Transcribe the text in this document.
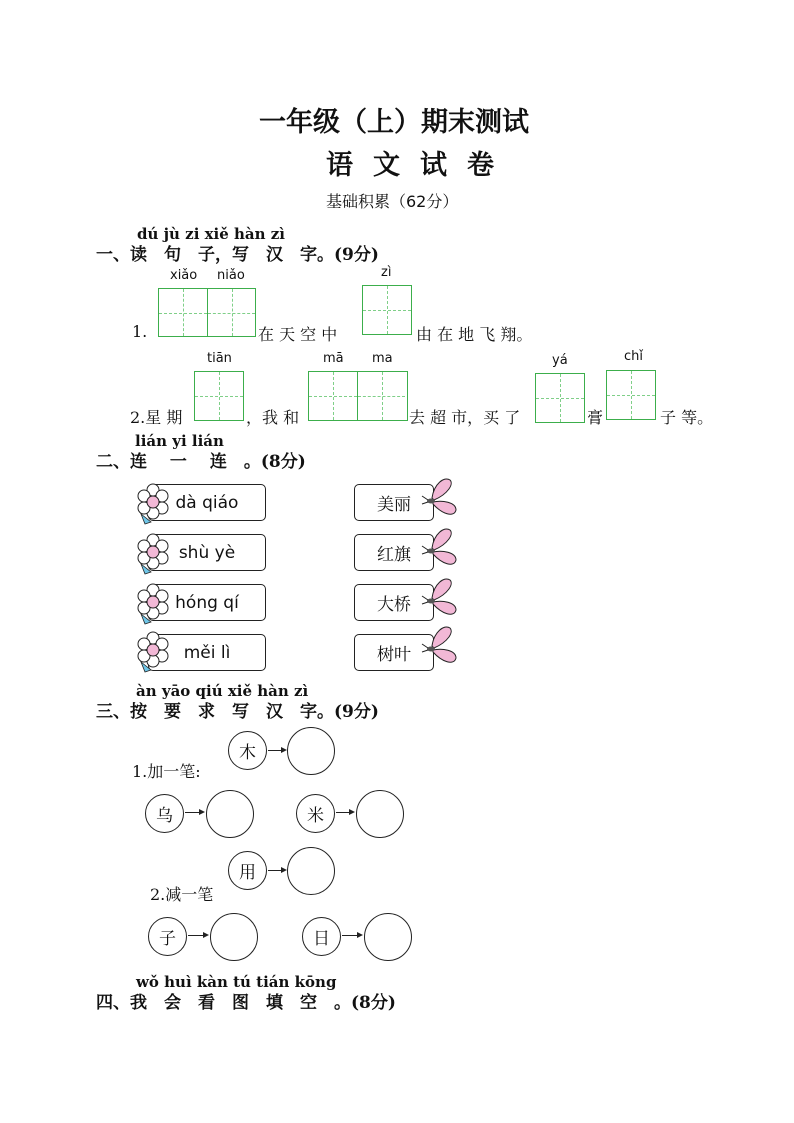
一年级（上）期末测试
语文试卷
基础积累（62分）
dú jù zi xiě hàn zì
一、读　句　子，写　汉　字。(9分)
xiǎo niǎo	zì
1.	在 天 空 中	由 在 地 飞 翔。
tiān	mā ma	yá	chǐ
2.星 期	，我 和	去 超 市，买 了	膏	子 等。
lián yi lián
二、连　 一　 连　。(8分)
dà qiáo
shù yè
hóng qí
měi lì
美丽
红旗
大桥
树叶
àn yāo qiú xiě hàn zì
三、按　要　求　写　汉　字。(9分)
1.加一笔:
木
乌	米
用
2.减一笔
子	日
wǒ huì kàn tú tián kōng
四、我　会　看　图　填　空　。(8分)
